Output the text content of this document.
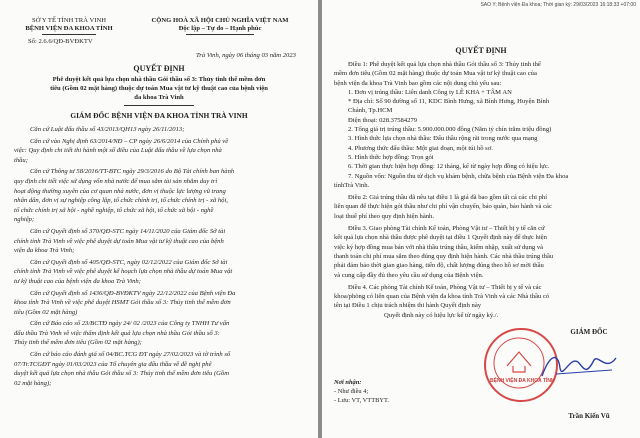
SỞ Y TẾ TỈNH TRÀ VINH
BỆNH VIỆN ĐA KHOA TỈNH
Số: 2.6.6/QĐ-BVĐKTV
CỘNG HOÀ XÃ HỘI CHỦ NGHĨA VIỆT NAM
Độc lập – Tự do – Hạnh phúc
Trà Vinh, ngày 06 tháng 03 năm 2023
QUYẾT ĐỊNH
Phê duyệt kết quả lựa chọn nhà thầu Gói thầu số 3: Thủy tinh thể mềm đơn
tiêu (Gồm 02 mặt hàng) thuộc dự toán Mua vật tư kỹ thuật cao của bệnh viện
đa khoa Trà Vinh
GIÁM ĐỐC BỆNH VIỆN ĐA KHOA TỈNH TRÀ VINH
Căn cứ Luật đấu thầu số 43/2013/QH13 ngày 26/11/2013;
Căn cứ vào Nghị định 63/2014/NĐ – CP ngày 26/6/2014 của Chính phủ về
việc: Quy định chi tiết thi hành một số điều của Luật đấu thầu về lựa chọn nhà
thầu;
Căn cứ Thông tư 58/2016/TT-BTC ngày 29/3/2016 do Bộ Tài chính ban hành
quy định chi tiết việc sử dụng vốn nhà nước để mua sắm tài sản nhằm duy trì
hoạt động thường xuyên của cơ quan nhà nước, đơn vị thuộc lực lượng vũ trang
nhân dân, đơn vị sự nghiệp công lập, tổ chức chính trị, tổ chức chính trị - xã hội,
tổ chức chính trị xã hội - nghề nghiệp, tổ chức xã hội, tổ chức xã hội - nghề
nghiệp;
Căn cứ Quyết định số 370/QĐ-STC ngày 14/11/2020 của Giám đốc Sở tài
chính tỉnh Trà Vinh về việc phê duyệt dự toán Mua vật tư kỹ thuật cao của bệnh
viện đa khoa Trà Vinh;
Căn cứ Quyết định số 405/QĐ-STC, ngày 02/12/2022 của Giám đốc Sở tài
chính tỉnh Trà Vinh về việc phê duyệt kế hoạch lựa chọn nhà thầu dự toán Mua vật
tư kỹ thuật cao của bệnh viện đa khoa Trà Vinh;
Căn cứ Quyết định số 1436/QĐ-BVĐKTV ngày 22/12/2022 của Bệnh viện Đa
khoa tỉnh Trà Vinh về việc phê duyệt HSMT Gói thầu số 3: Thủy tinh thể mềm đơn
tiêu (Gồm 02 mặt hàng)
Căn cứ Báo cáo số 23/BCTĐ ngày 24/ 02 /2023 của Công ty TNHH Tư vấn
đấu thầu Trà Vinh về việc thẩm định kết quả lựa chọn nhà thầu Gói thầu số 3:
Thủy tinh thể mềm đơn tiêu (Gồm 02 mặt hàng);
Căn cứ báo cáo đánh giá số 04/BC.TCG ĐT ngày 27/02/2023 và tờ trình số
07/Tr.TCGĐT ngày 01/03/2023 của Tổ chuyên gia đấu thầu về đề nghị phê
duyệt kết quả lựa chọn nhà thầu Gói thầu số 3: Thủy tinh thể mềm đơn tiêu (Gồm
02 mặt hàng);
SAO Y; Bệnh viện Đa khoa; Thời gian ký: 29/03/2023 16:18:33 +07:00
QUYẾT ĐỊNH
Điều 1: Phê duyệt kết quả lựa chọn nhà thầu Gói thầu số 3: Thủy tinh thể
mềm đơn tiêu (Gồm 02 mặt hàng) thuộc dự toán Mua vật tư kỹ thuật cao của
bệnh viện đa khoa Trà Vinh bao gồm các nội dung chủ yếu sau:
1. Đơn vị trúng thầu: Liên danh Công ty LÊ KHA + TÂM AN
* Địa chỉ: Số 90 đường số 11, KDC Bình Hưng, xã Bình Hưng, Huyện Bình
Chánh, Tp.HCM
Điện thoại: 028.37584279
2. Tổng giá trị trúng thầu: 5.900.000.000 đồng (Năm tỷ chín trăm triệu đồng)
3. Hình thức lựa chọn nhà thầu: Đấu thầu rộng rãi trong nước qua mạng
4. Phương thức đấu thầu: Một giai đoạn, một túi hồ sơ.
5. Hình thức hợp đồng: Trọn gói
6. Thời gian thực hiện hợp đồng: 12 tháng, kể từ ngày hợp đồng có hiệu lực.
7. Nguồn vốn: Nguồn thu từ dịch vụ khám bệnh, chữa bệnh của Bệnh viện Đa khoa
tỉnhTrà Vinh.
Điều 2: Giá trúng thầu đã nêu tại điều 1 là giá đã bao gồm tất cả các chi phí
liên quan để thực hiện gói thầu như chi phí vận chuyển, bảo quản, bảo hành và các
loại thuế phí theo quy định hiện hành.
Điều 3. Giao phòng Tài chính Kế toán, Phòng Vật tư – Thiết bị y tế căn cứ
kết quả lựa chọn nhà thầu được phê duyệt tại điều 1 Quyết định này để thực hiện
việc ký hợp đồng mua bán với nhà thầu trúng thầu, kiểm nhập, xuất sử dụng và
thanh toán chi phí mua sắm theo đúng quy định hiện hành. Các nhà thầu trúng thầu
phải đảm bảo thời gian giao hàng, tiến độ, chất lượng đúng theo hồ sơ mời thầu
và cung cấp đầy đủ theo yêu cầu sử dụng của Bệnh viện.
Điều 4. Các phòng Tài chính Kế toán, Phòng Vật tư – Thiết bị y tế và các
khoa/phòng có liên quan của Bệnh viện đa khoa tỉnh Trà Vinh và các Nhà thầu có
tên tại Điều 1 chịu trách nhiệm thi hành Quyết định này
Quyết định này có hiệu lực kể từ ngày ký./.
Nơi nhận:
- Như điều 4;
- Lưu: VT, VTTBYT.
BỆNH VIỆN ĐA KHOA TỈNH
GIÁM ĐỐC
Trần Kiến Vũ
